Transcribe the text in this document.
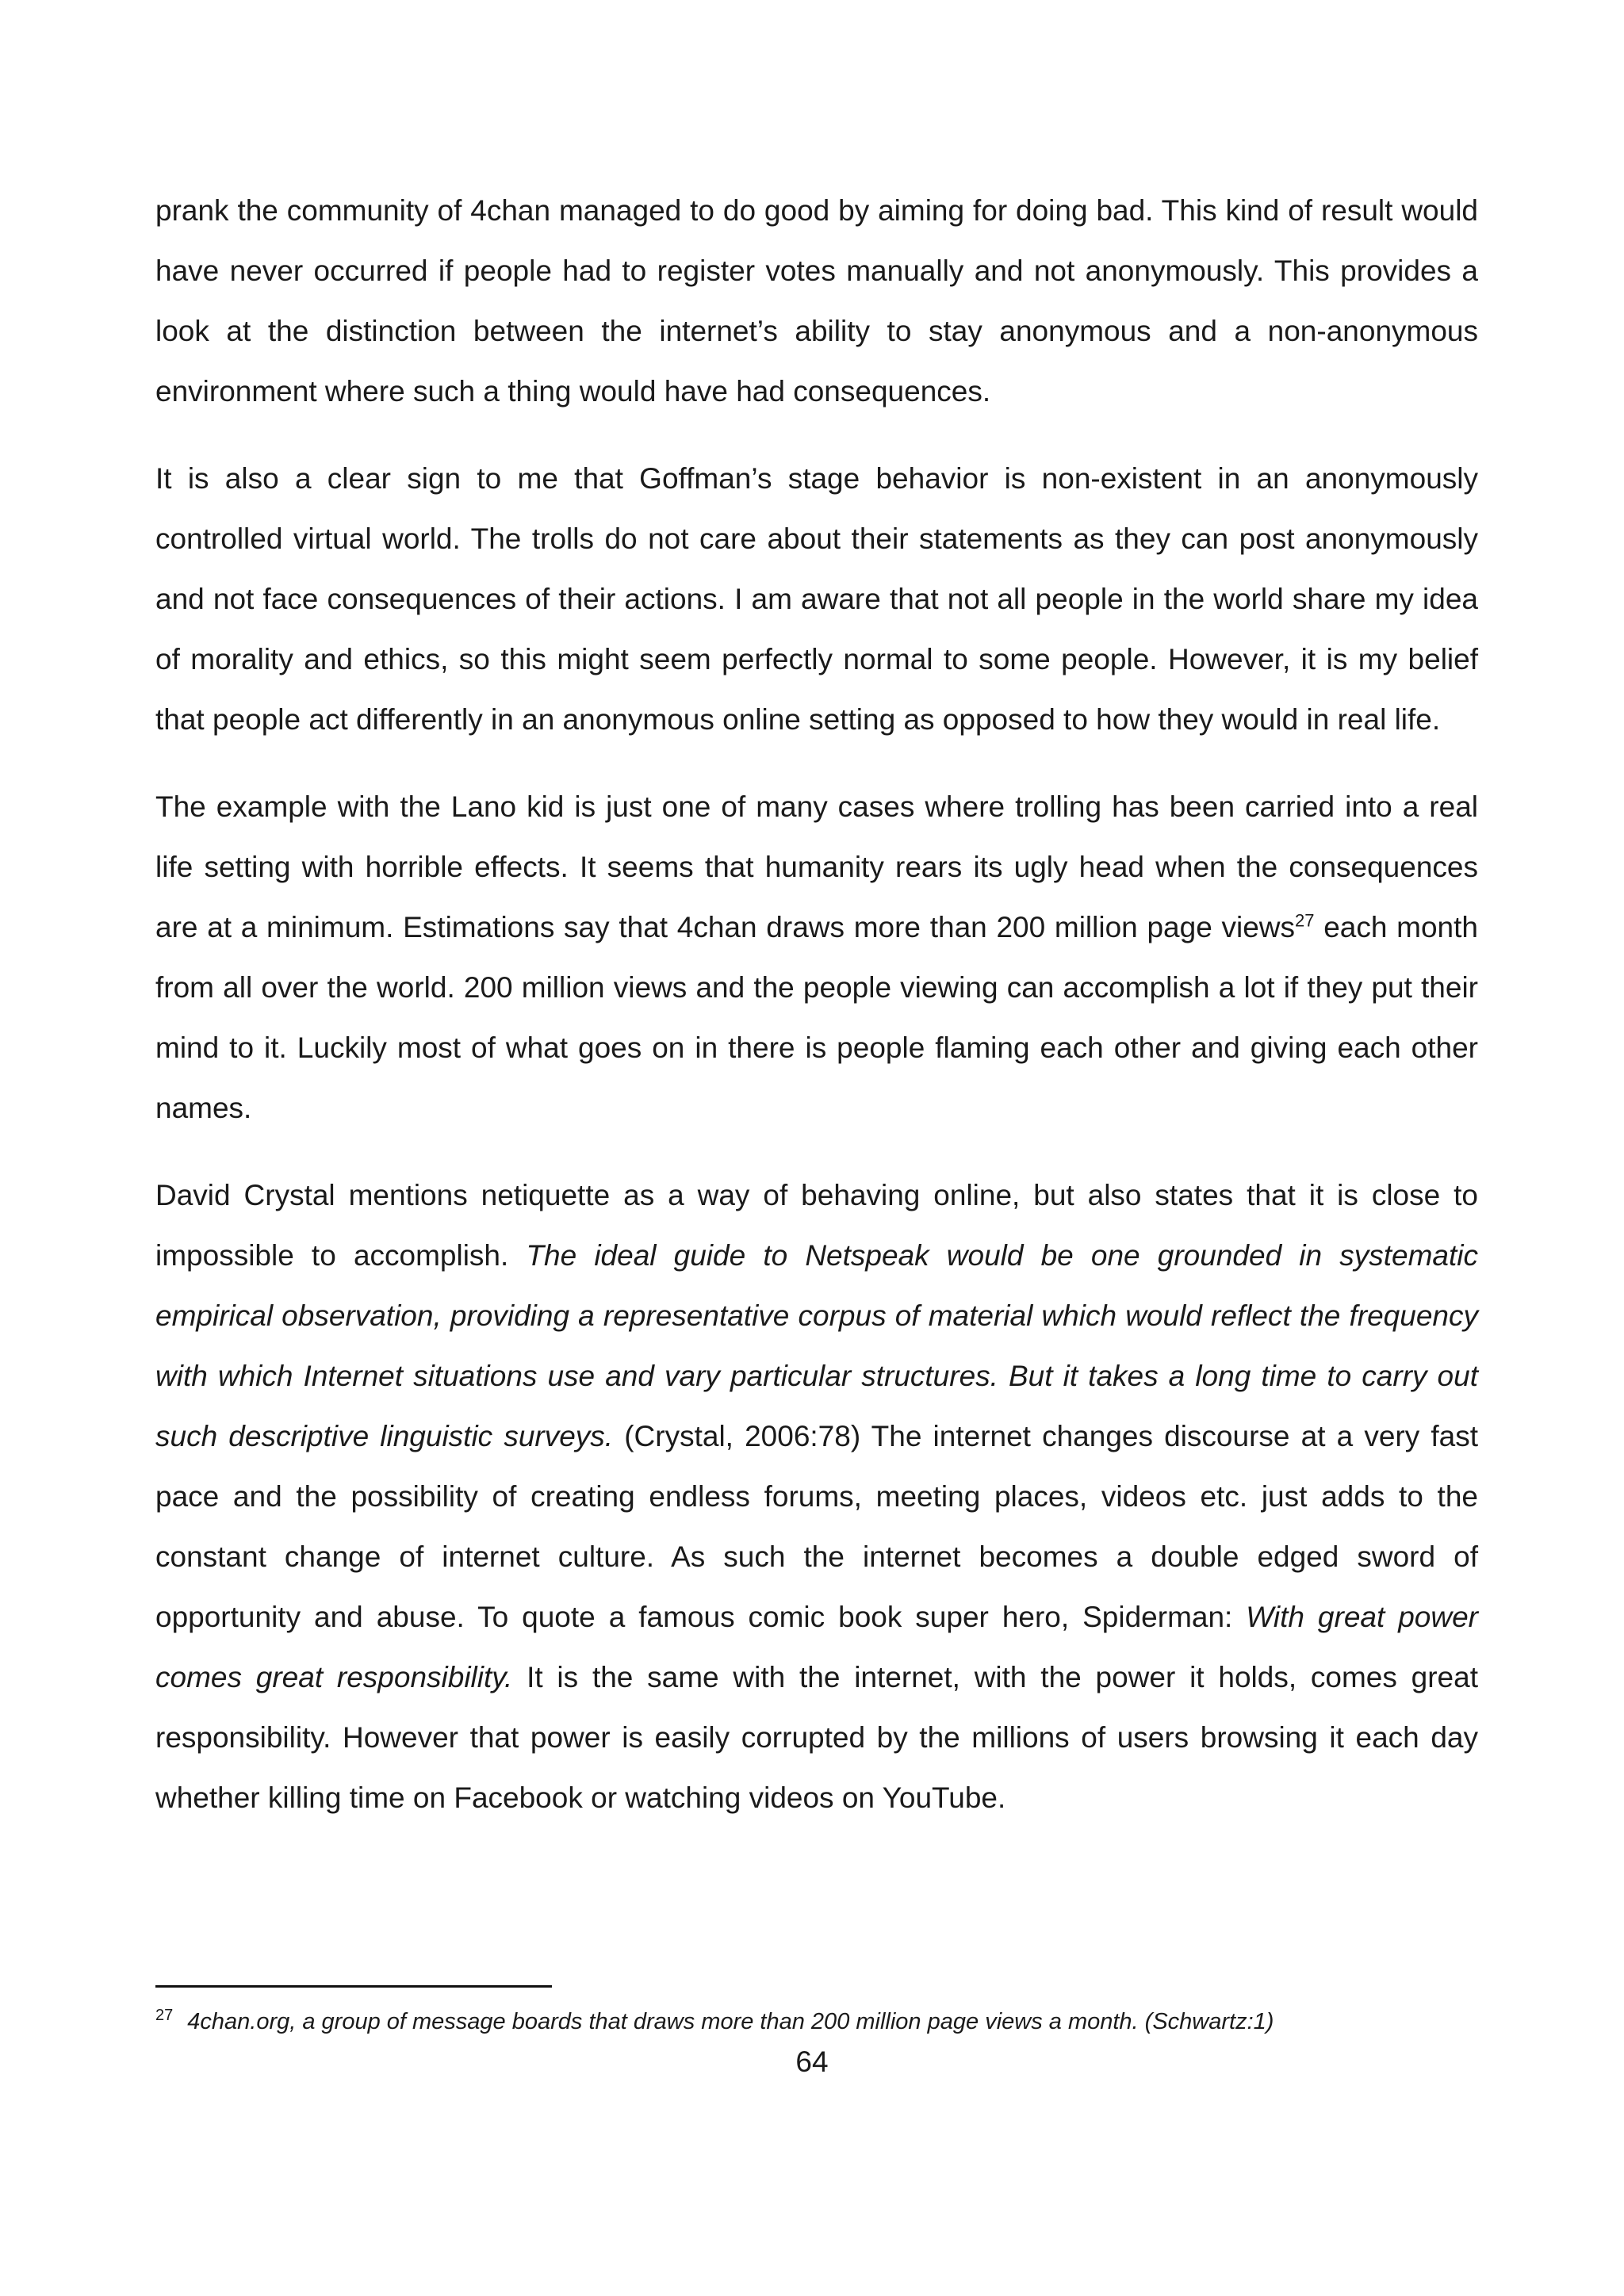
prank the community of 4chan managed to do good by aiming for doing bad. This kind of result would have never occurred if people had to register votes manually and not anonymously. This provides a look at the distinction between the internet’s ability to stay anonymous and a non-anonymous environment where such a thing would have had consequences.

It is also a clear sign to me that Goffman’s stage behavior is non-existent in an anonymously controlled virtual world. The trolls do not care about their statements as they can post anonymously and not face consequences of their actions. I am aware that not all people in the world share my idea of morality and ethics, so this might seem perfectly normal to some people. However, it is my belief that people act differently in an anonymous online setting as opposed to how they would in real life.

The example with the Lano kid is just one of many cases where trolling has been carried into a real life setting with horrible effects. It seems that humanity rears its ugly head when the consequences are at a minimum. Estimations say that 4chan draws more than 200 million page views$^{27}$ each month from all over the world. 200 million views and the people viewing can accomplish a lot if they put their mind to it. Luckily most of what goes on in there is people flaming each other and giving each other names.

David Crystal mentions netiquette as a way of behaving online, but also states that it is close to impossible to accomplish. The ideal guide to Netspeak would be one grounded in systematic empirical observation, providing a representative corpus of material which would reflect the frequency with which Internet situations use and vary particular structures. But it takes a long time to carry out such descriptive linguistic surveys. (Crystal, 2006:78) The internet changes discourse at a very fast pace and the possibility of creating endless forums, meeting places, videos etc. just adds to the constant change of internet culture. As such the internet becomes a double edged sword of opportunity and abuse. To quote a famous comic book super hero, Spiderman: With great power comes great responsibility. It is the same with the internet, with the power it holds, comes great responsibility. However that power is easily corrupted by the millions of users browsing it each day whether killing time on Facebook or watching videos on YouTube.

$^{27}$ 4chan.org, a group of message boards that draws more than 200 million page views a month. (Schwartz:1)
64
